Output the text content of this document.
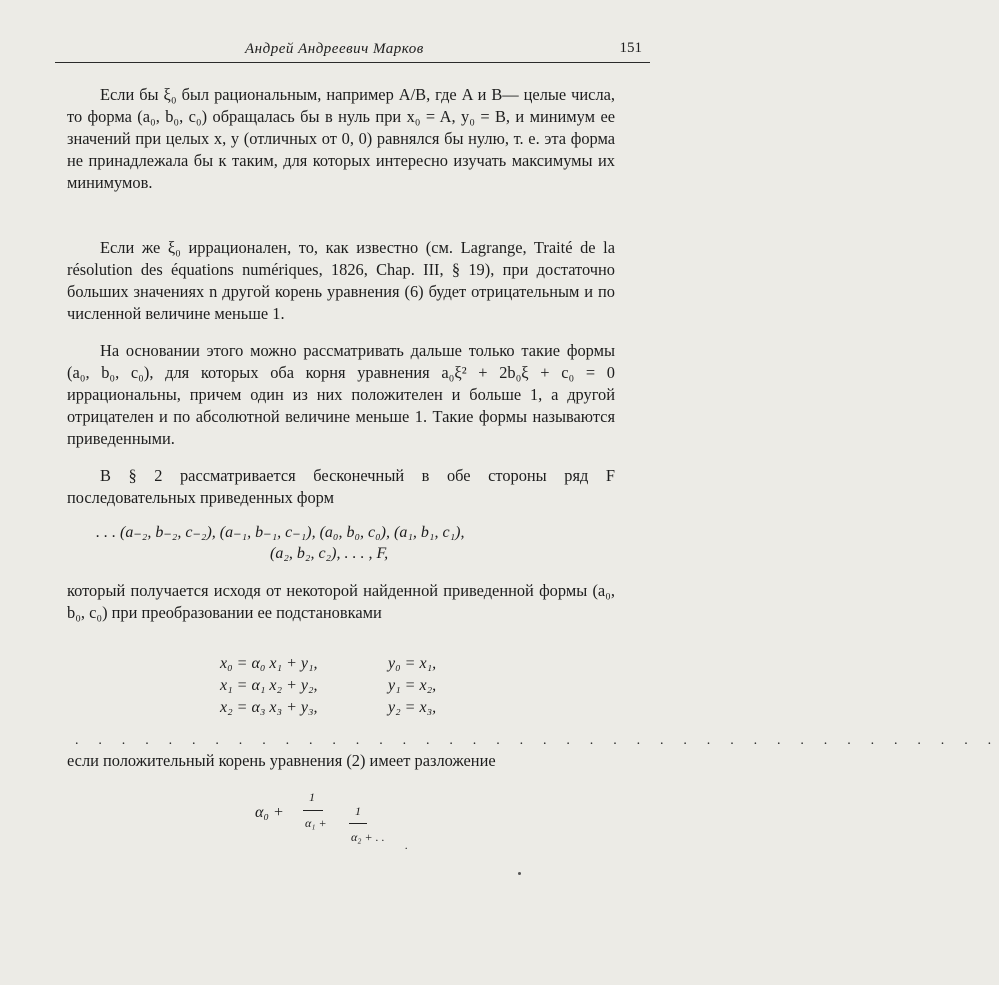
Андрей Андреевич Марков	151
Если бы ξ₀ был рациональным, например A/B, где A и B— целые числа, то форма (a₀, b₀, c₀) обращалась бы в нуль при x₀ = A, y₀ = B, и минимум ее значений при целых x, y (отличных от 0, 0) равнялся бы нулю, т. е. эта форма не принадлежала бы к таким, для которых интересно изучать максимумы их минимумов.
Если же ξ₀ иррационален, то, как известно (см. Lagrange, Traité de la résolution des équations numériques, 1826, Chap. III, § 19), при достаточно больших значениях n другой корень уравнения (6) будет отрицательным и по численной величине меньше 1.
На основании этого можно рассматривать дальше только такие формы (a₀, b₀, c₀), для которых оба корня уравнения a₀ξ² + 2b₀ξ + c₀ = 0 иррациональны, причем один из них положителен и больше 1, а другой отрицателен и по абсолютной величине меньше 1. Такие формы называются приведенными.
В § 2 рассматривается бесконечный в обе стороны ряд F последовательных приведенных форм
. . . (a₋₂, b₋₂, c₋₂), (a₋₁, b₋₁, c₋₁), (a₀, b₀, c₀), (a₁, b₁, c₁),
(a₂, b₂, c₂), . . . , F,
который получается исходя от некоторой найденной приведенной формы (a₀, b₀, c₀) при преобразовании ее подстановками
x₀ = α₀ x₁ + y₁,	y₀ = x₁,
x₁ = α₁ x₂ + y₂,	y₁ = x₂,
x₂ = α₃ x₃ + y₃,	y₂ = x₃,
. . . . . . . . . . . . . . . . . . . . . . . . . . . . . . . . . . . . . . . .
если положительный корень уравнения (2) имеет разложение
α₀ +
1
α₁ +
1
α₂ + . .
.
